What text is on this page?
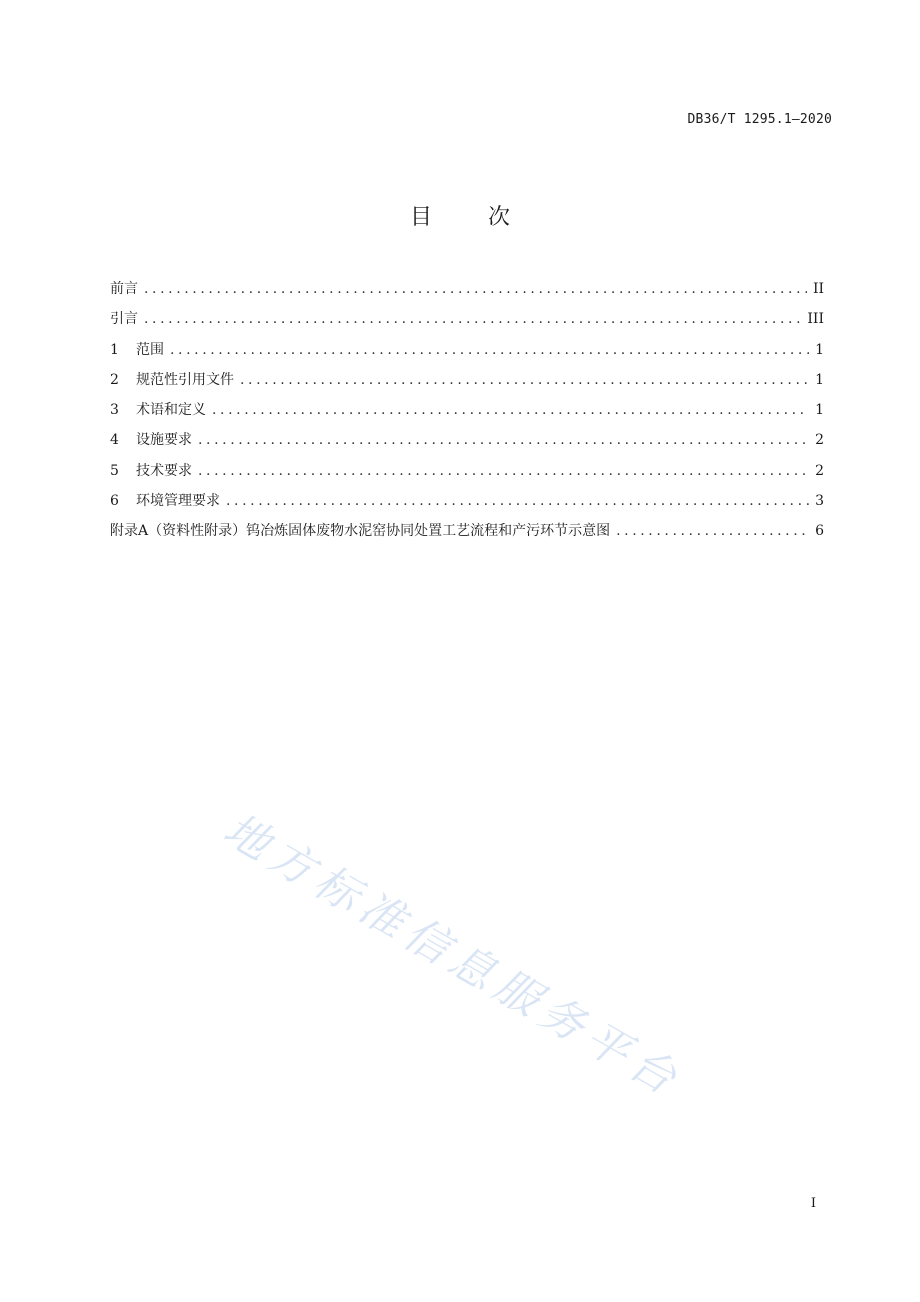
DB36/T 1295.1—2020
目	次
前言 .....	II
引言 .....	III
1	范围 .....	1
2	规范性引用文件 .....	1
3	术语和定义 .....	1
4	设施要求 .....	2
5	技术要求 .....	2
6	环境管理要求 .....	3
附录A（资料性附录）钨冶炼固体废物水泥窑协同处置工艺流程和产污环节示意图 .....	6
地方标准信息服务平台
I
